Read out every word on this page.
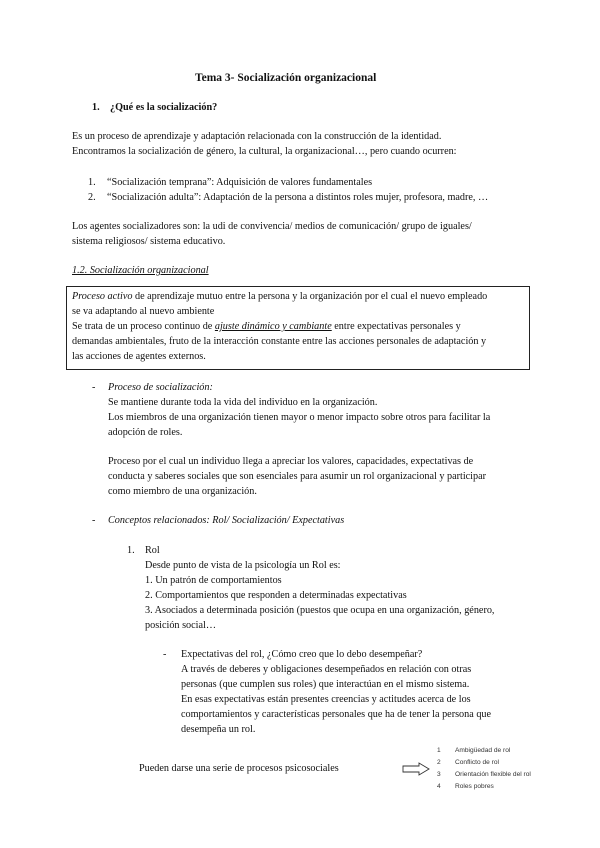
Tema 3- Socialización organizacional
1. ¿Qué es la socialización?
Es un proceso de aprendizaje y adaptación relacionada con la construcción de la identidad.
Encontramos la socialización de género, la cultural, la organizacional…, pero cuando ocurren:
1. “Socialización temprana”: Adquisición de valores fundamentales
2. “Socialización adulta”: Adaptación de la persona a distintos roles mujer, profesora, madre, …
Los agentes socializadores son: la udi de convivencia/ medios de comunicación/ grupo de iguales/
sistema religiosos/ sistema educativo.
1.2. Socialización organizacional
Proceso activo de aprendizaje mutuo entre la persona y la organización por el cual el nuevo empleado
se va adaptando al nuevo ambiente
Se trata de un proceso continuo de ajuste dinámico y cambiante entre expectativas personales y
demandas ambientales, fruto de la interacción constante entre las acciones personales de adaptación y
las acciones de agentes externos.
- Proceso de socialización:
Se mantiene durante toda la vida del individuo en la organización.
Los miembros de una organización tienen mayor o menor impacto sobre otros para facilitar la
adopción de roles.
Proceso por el cual un individuo llega a apreciar los valores, capacidades, expectativas de
conducta y saberes sociales que son esenciales para asumir un rol organizacional y participar
como miembro de una organización.
- Conceptos relacionados: Rol/ Socialización/ Expectativas
1. Rol
Desde punto de vista de la psicología un Rol es:
1. Un patrón de comportamientos
2. Comportamientos que responden a determinadas expectativas
3. Asociados a determinada posición (puestos que ocupa en una organización, género,
posición social…
- Expectativas del rol, ¿Cómo creo que lo debo desempeñar?
A través de deberes y obligaciones desempeñados en relación con otras
personas (que cumplen sus roles) que interactúan en el mismo sistema.
En esas expectativas están presentes creencias y actitudes acerca de los
comportamientos y características personales que ha de tener la persona que
desempeña un rol.
Pueden darse una serie de procesos psicosociales
1 Ambigüedad de rol
2 Conflicto de rol
3 Orientación flexible del rol
4 Roles pobres
